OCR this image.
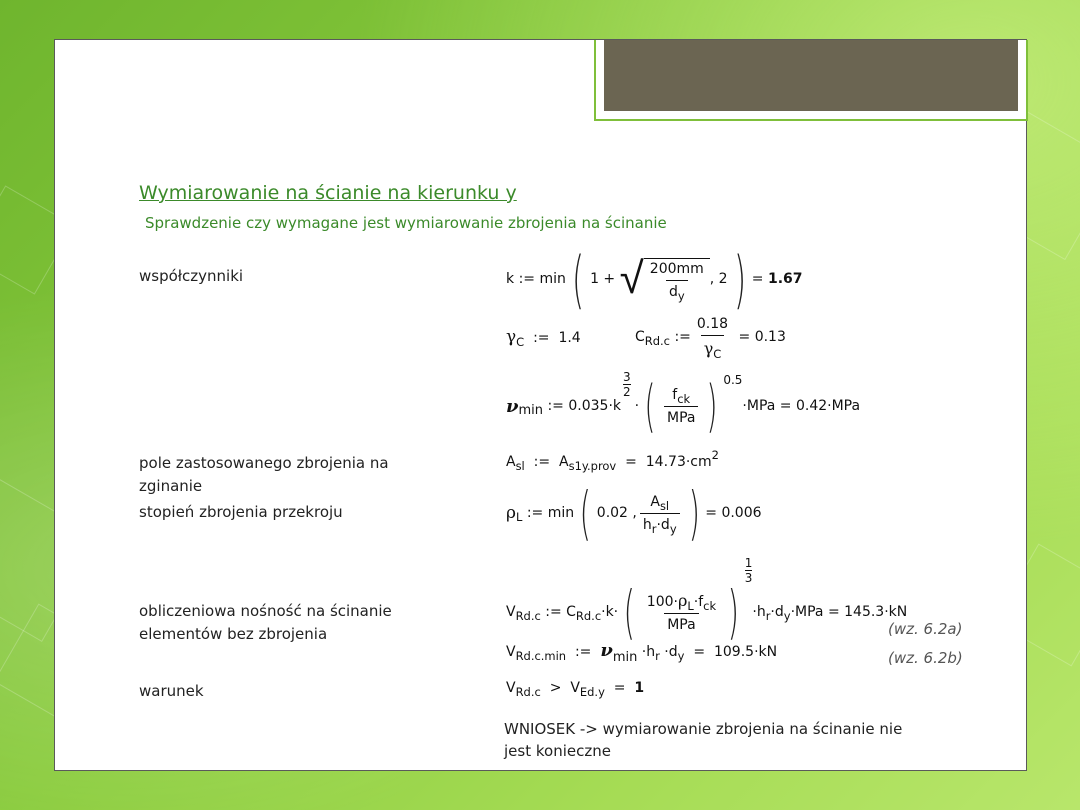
Wymiarowanie na ścianie na kierunku y
Sprawdzenie czy wymagane jest wymiarowanie zbrojenia na ścinanie
współczynniki
pole zastosowanego zbrojenia na
zginanie
stopień zbrojenia przekroju
obliczeniowa nośność na ścinanie
elementów bez zbrojenia
warunek
k
:=
min ( 1 +
√ $\frac{200mm}{d_y}$ , 2 ) =
1.67
$\gamma_C$ := 1.4	C Rd.c
:= $\frac{0.18}{\gamma_C}$
=
0.13
ν min
:=
0.035 · k
3
2
· ( $\frac{f_{ck}}{\text{MPa}}$ ) 0.5
·MPa
=
0.42·MPa
$A_{sl}$ := $A_{s1y.prov} = 14.73\cdot cm^2$
ρ L
:=
min ( 0.02 , $\frac{A_{sl}}{h_r\cdot d_y}$ ) =
0.006
V Rd.c
:=
C Rd.c ·k· ( $\frac{100\cdot\rho_L\cdot f_{ck}}{\text{MPa}}$ )
1
3
·h r ·d y ·MPa
=
145.3·kN
(wz. 6.2a)
$V_{Rd.c.min}$ := $\nu\min \cdot h_r \cdot d_y = 109.5\cdot kN$	(wz. 6.2b)
$V_{Rd.c} > V_{Ed.y} = 1$
WNIOSEK -> wymiarowanie zbrojenia na ścinanie nie
jest konieczne
